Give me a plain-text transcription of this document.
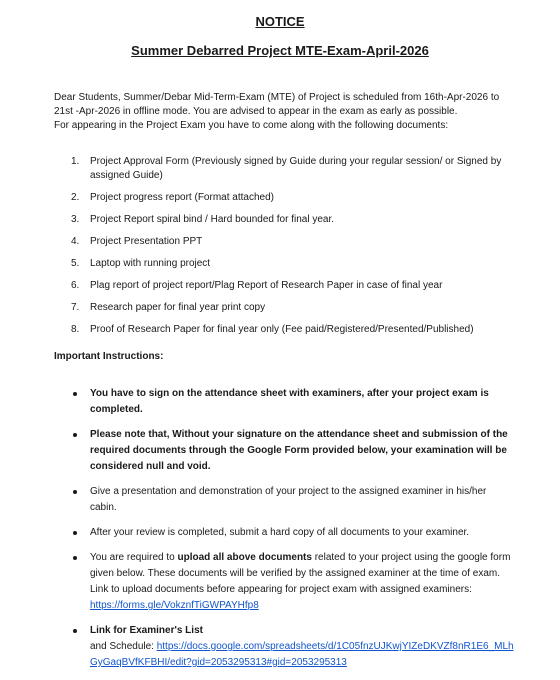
NOTICE
Summer Debarred Project MTE-Exam-April-2026

Dear Students, Summer/Debar Mid-Term-Exam (MTE) of Project is scheduled from 16th-Apr-2026 to 21st -Apr-2026 in offline mode. You are advised to appear in the exam as early as possible.

For appearing in the Project Exam you have to come along with the following documents:

1. Project Approval Form (Previously signed by Guide during your regular session/ or Signed by assigned Guide)
2. Project progress report (Format attached)
3. Project Report spiral bind / Hard bounded for final year.
4. Project Presentation PPT
5. Laptop with running project
6. Plag report of project report/Plag Report of Research Paper in case of final year
7. Research paper for final year print copy
8. Proof of Research Paper for final year only (Fee paid/Registered/Presented/Published)
Important Instructions:
You have to sign on the attendance sheet with examiners, after your project exam is completed.
Please note that, Without your signature on the attendance sheet and submission of the required documents through the Google Form provided below, your examination will be considered null and void.
Give a presentation and demonstration of your project to the assigned examiner in his/her cabin.
After your review is completed, submit a hard copy of all documents to your examiner.
You are required to upload all above documents related to your project using the google form given below. These documents will be verified by the assigned examiner at the time of exam. Link to upload documents before appearing for project exam with assigned examiners: https://forms.gle/VokznfTiGWPAYHfp8
Link for Examiner's List
and Schedule: https://docs.google.com/spreadsheets/d/1C05fnzUJKwjYIZeDKVZf8nR1E6_MLhGyGaqBVfKFBHI/edit?gid=2053295313#gid=2053295313
